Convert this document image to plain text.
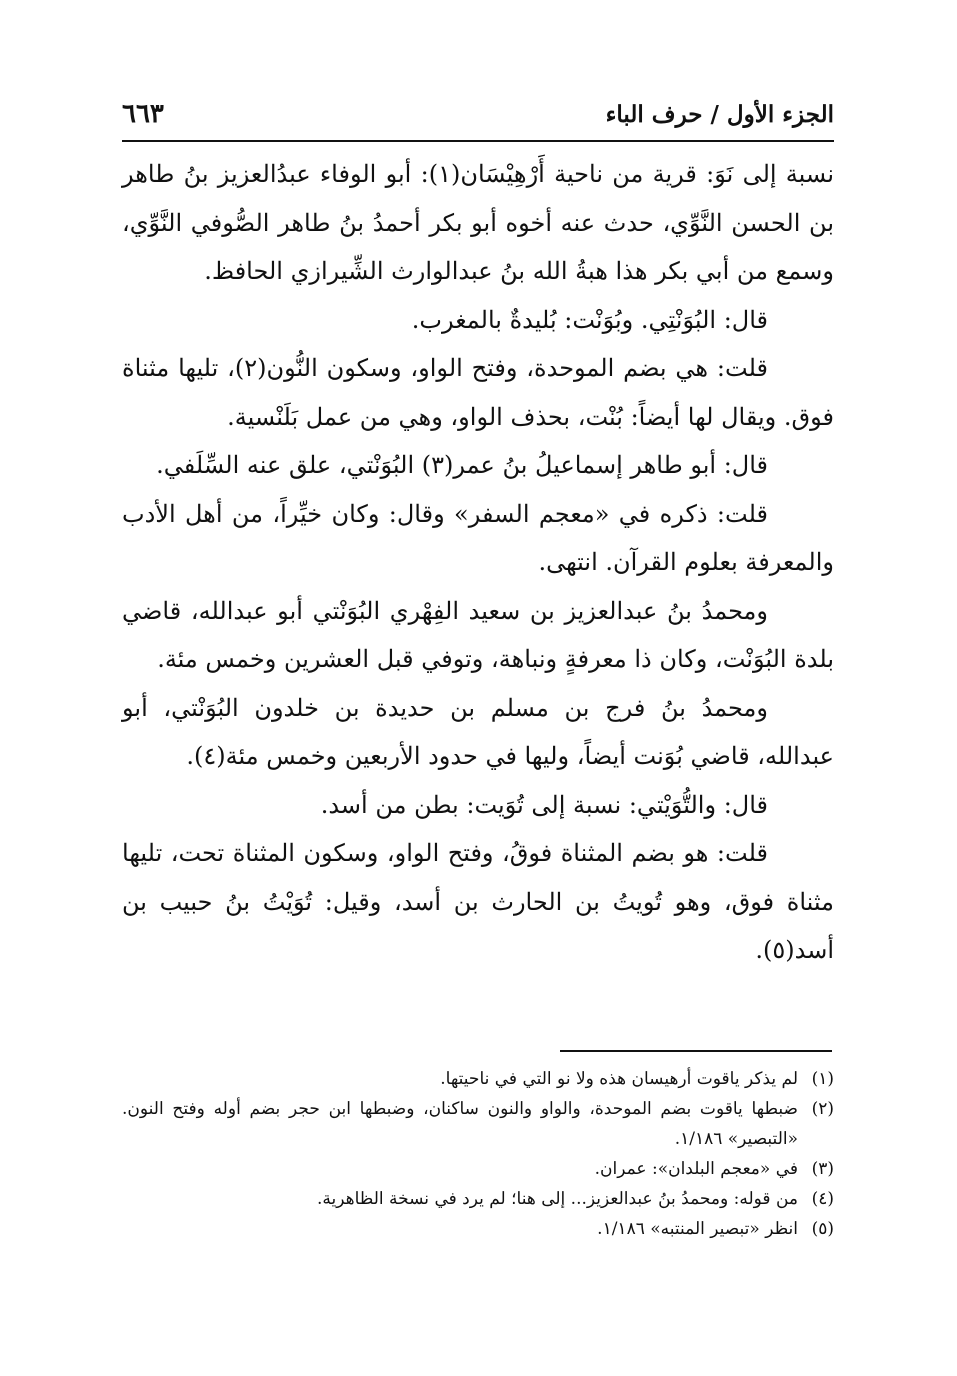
الجزء الأول / حرف الباء
٦٦٣

نسبة إلى نَوَ: قرية من ناحية أَرْهِيْسَان(١): أبو الوفاء عبدُالعزيز بنُ طاهر بن الحسن النَّوِّي، حدث عنه أخوه أبو بكر أحمدُ بنُ طاهر الصُّوفي النَّوِّي، وسمع من أبي بكر هذا هبةُ الله بنُ عبدالوارث الشِّيرازي الحافظ.

قال: البُوَنْتِي. وبُوَنْت: بُليدةٌ بالمغرب.

قلت: هي بضم الموحدة، وفتح الواو، وسكون النُّون(٢)، تليها مثناة فوق. ويقال لها أيضاً: بُنْت، بحذف الواو، وهي من عمل بَلَنْسية.

قال: أبو طاهر إسماعيلُ بنُ عمر(٣) البُوَنْتي، علق عنه السِّلَفي.

قلت: ذكره في «معجم السفر» وقال: وكان خيِّراً، من أهل الأدب والمعرفة بعلوم القرآن. انتهى.

ومحمدُ بنُ عبدالعزيز بن سعيد الفِهْري البُوَنْتي أبو عبدالله، قاضي بلدة البُوَنْت، وكان ذا معرفةٍ ونباهة، وتوفي قبل العشرين وخمس مئة.

ومحمدُ بنُ فرج بن مسلم بن حديدة بن خلدون البُوَنْتي، أبو عبدالله، قاضي بُوَنت أيضاً، وليها في حدود الأربعين وخمس مئة(٤).

قال: والتُّوَيْتي: نسبة إلى تُوَيت: بطن من أسد.

قلت: هو بضم المثناة فوقُ، وفتح الواو، وسكون المثناة تحت، تليها مثناة فوق، وهو تُويتُ بن الحارث بن أسد، وقيل: تُوَيْتُ بنُ حبيب بن أسد(٥).

(١)
لم يذكر ياقوت أرهيسان هذه ولا نو التي في ناحيتها.
(٢)
ضبطها ياقوت بضم الموحدة، والواو والنون ساكنان، وضبطها ابن حجر بضم أوله وفتح النون. «التبصير» ١/١٨٦.
(٣)
في «معجم البلدان»: عمران.
(٤)
من قوله: ومحمدُ بنُ عبدالعزيز... إلى هنا؛ لم يرد في نسخة الظاهرية.
(٥)
انظر «تبصير المنتبه» ١/١٨٦.
